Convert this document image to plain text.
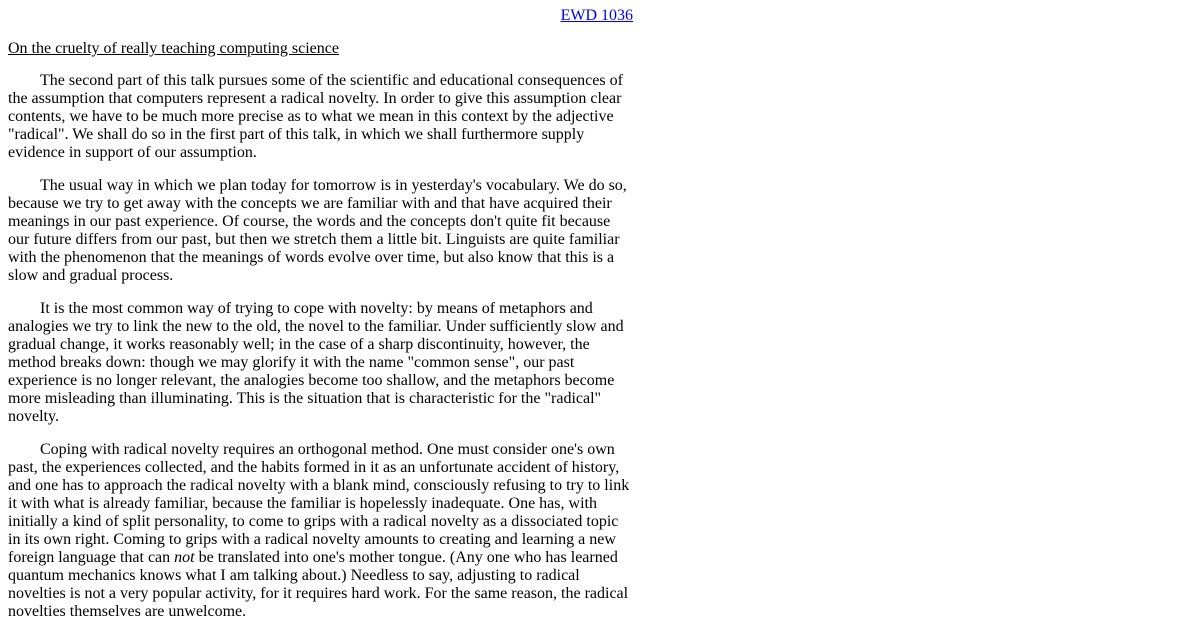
EWD 1036
On the cruelty of really teaching computing science

The second part of this talk pursues some of the scientific and educational consequences of the assumption that computers represent a radical novelty. In order to give this assumption clear contents, we have to be much more precise as to what we mean in this context by the adjective "radical". We shall do so in the first part of this talk, in which we shall furthermore supply evidence in support of our assumption.

The usual way in which we plan today for tomorrow is in yesterday's vocabulary. We do so, because we try to get away with the concepts we are familiar with and that have acquired their meanings in our past experience. Of course, the words and the concepts don't quite fit because our future differs from our past, but then we stretch them a little bit. Linguists are quite familiar with the phenomenon that the meanings of words evolve over time, but also know that this is a slow and gradual process.

It is the most common way of trying to cope with novelty: by means of metaphors and analogies we try to link the new to the old, the novel to the familiar. Under sufficiently slow and gradual change, it works reasonably well; in the case of a sharp discontinuity, however, the method breaks down: though we may glorify it with the name "common sense", our past experience is no longer relevant, the analogies become too shallow, and the metaphors become more misleading than illuminating. This is the situation that is characteristic for the "radical" novelty.

Coping with radical novelty requires an orthogonal method. One must consider one's own past, the experiences collected, and the habits formed in it as an unfortunate accident of history, and one has to approach the radical novelty with a blank mind, consciously refusing to try to link it with what is already familiar, because the familiar is hopelessly inadequate. One has, with initially a kind of split personality, to come to grips with a radical novelty as a dissociated topic in its own right. Coming to grips with a radical novelty amounts to creating and learning a new foreign language that can not be translated into one's mother tongue. (Any one who has learned quantum mechanics knows what I am talking about.) Needless to say, adjusting to radical novelties is not a very popular activity, for it requires hard work. For the same reason, the radical novelties themselves are unwelcome.
